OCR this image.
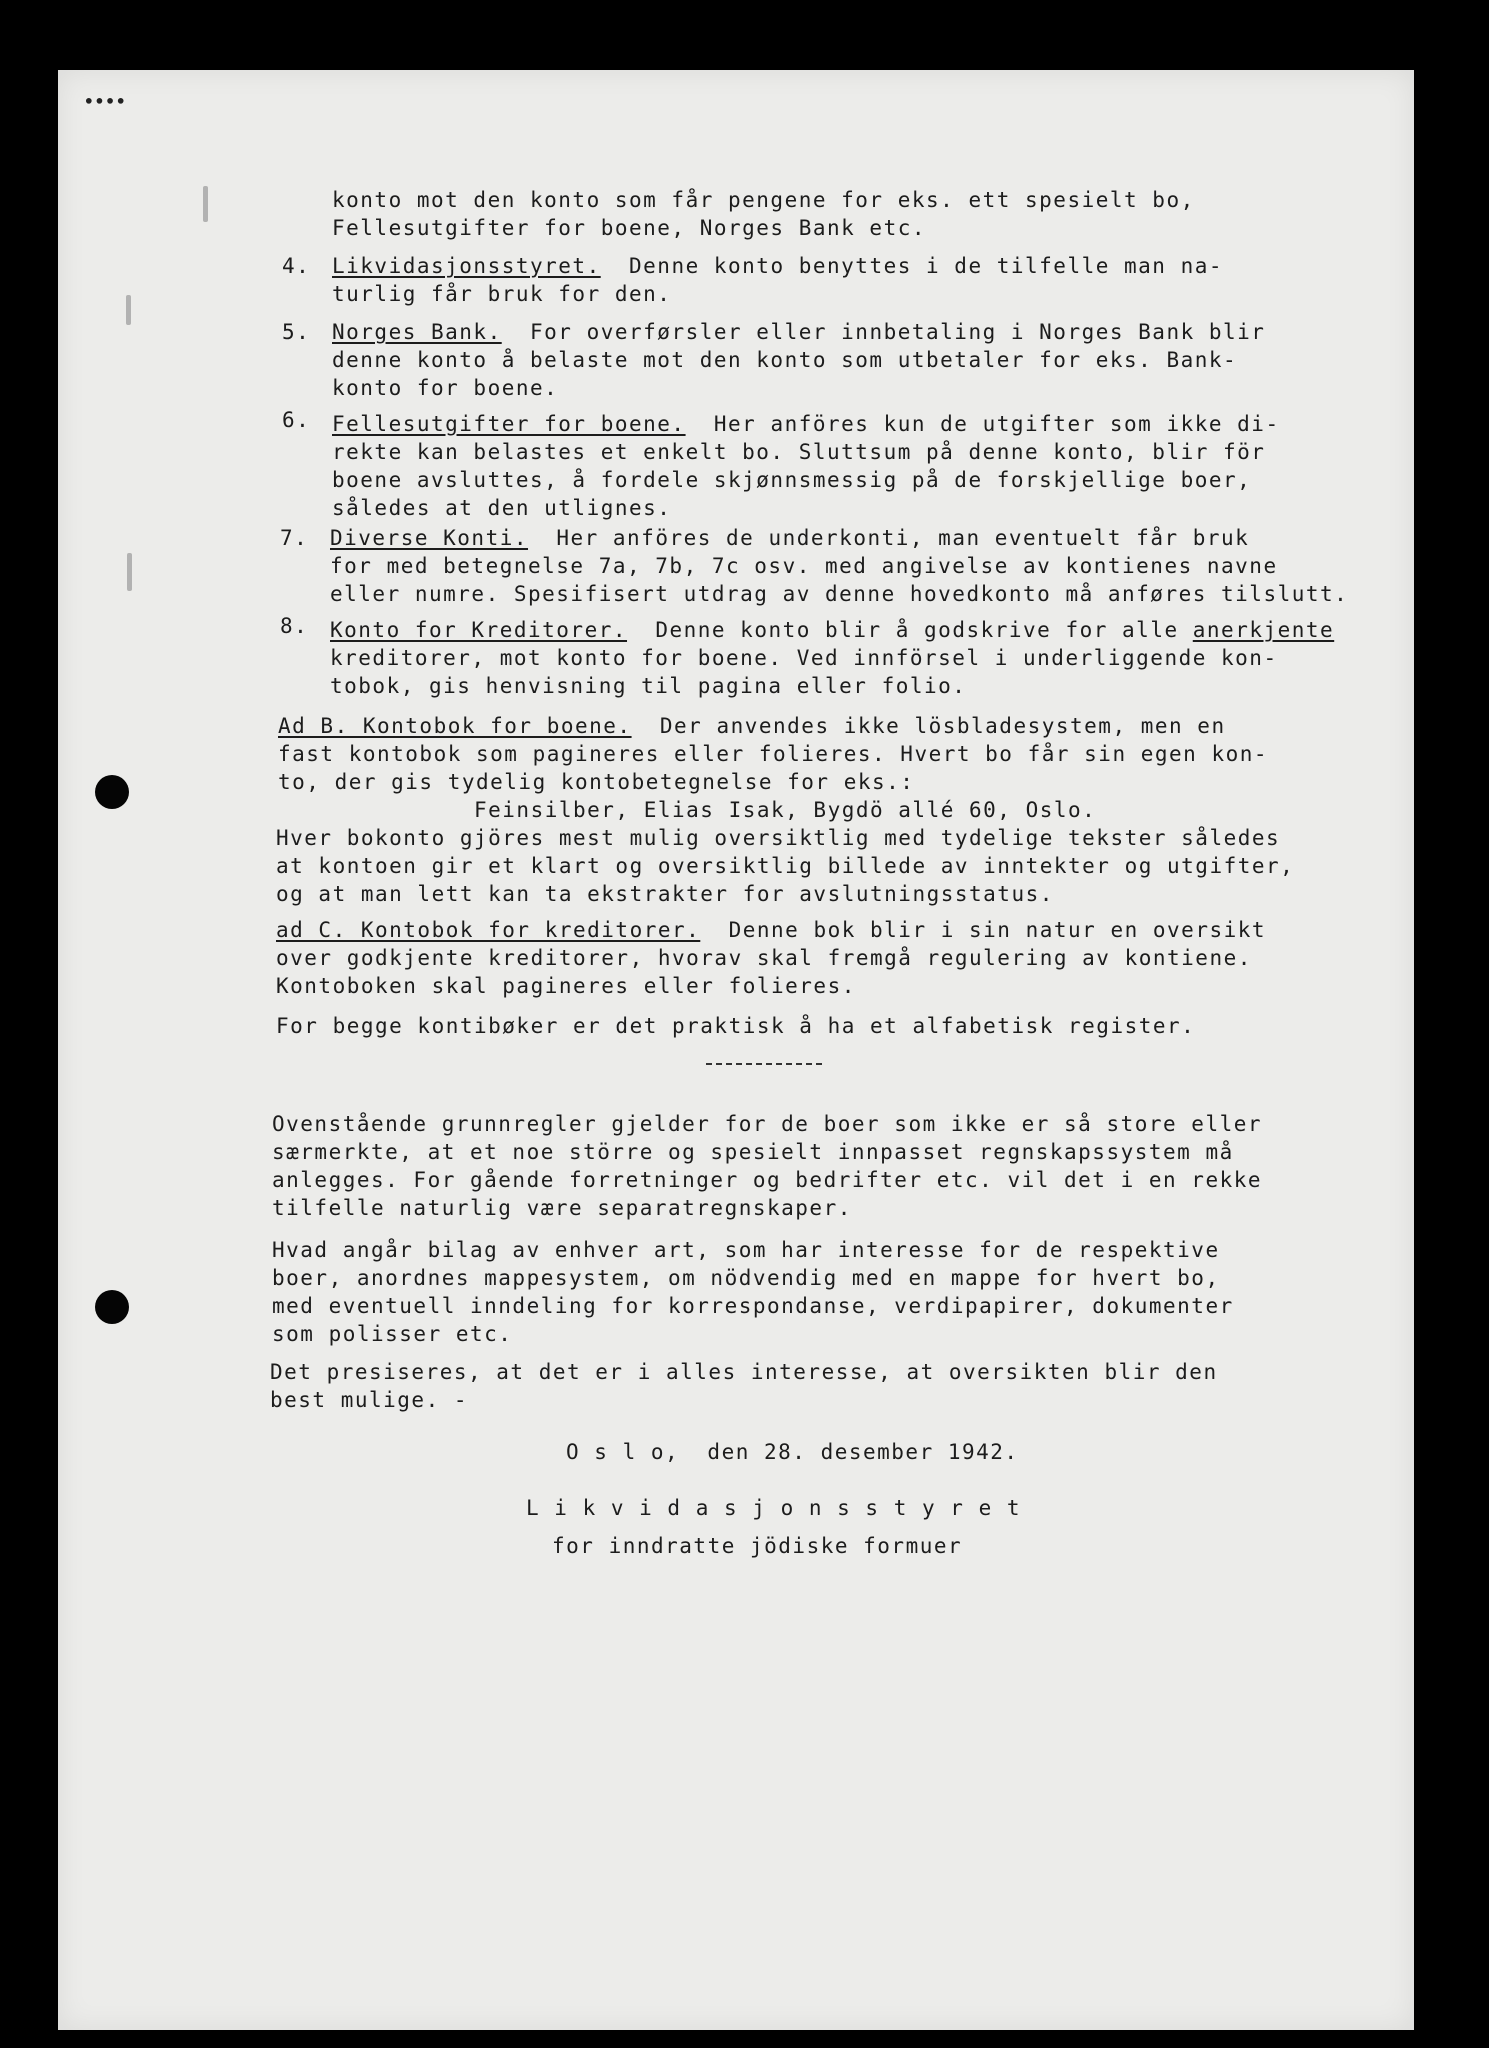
••••
konto mot den konto som får pengene for eks. ett spesielt bo,
Fellesutgifter for boene, Norges Bank etc.
4. Likvidasjonsstyret. Denne konto benyttes i de tilfelle man na-
turlig får bruk for den.
5. Norges Bank. For overførsler eller innbetaling i Norges Bank blir
denne konto å belaste mot den konto som utbetaler for eks. Bank-
konto for boene.
6. Fellesutgifter for boene. Her anföres kun de utgifter som ikke di-
rekte kan belastes et enkelt bo. Sluttsum på denne konto, blir för
boene avsluttes, å fordele skjønnsmessig på de forskjellige boer,
således at den utlignes.
7. Diverse Konti. Her anföres de underkonti, man eventuelt får bruk
for med betegnelse 7a, 7b, 7c osv. med angivelse av kontienes navne
eller numre. Spesifisert utdrag av denne hovedkonto må anføres tilslutt.
8. Konto for Kreditorer. Denne konto blir å godskrive for alle anerkjente
kreditorer, mot konto for boene. Ved innförsel i underliggende kon-
tobok, gis henvisning til pagina eller folio.
Ad B. Kontobok for boene. Der anvendes ikke lösbladesystem, men en
fast kontobok som pagineres eller folieres. Hvert bo får sin egen kon-
to, der gis tydelig kontobetegnelse for eks.:
Feinsilber, Elias Isak, Bygdö allé 60, Oslo.
Hver bokonto gjöres mest mulig oversiktlig med tydelige tekster således
at kontoen gir et klart og oversiktlig billede av inntekter og utgifter,
og at man lett kan ta ekstrakter for avslutningsstatus.
ad C. Kontobok for kreditorer. Denne bok blir i sin natur en oversikt
over godkjente kreditorer, hvorav skal fremgå regulering av kontiene.
Kontoboken skal pagineres eller folieres.
For begge kontibøker er det praktisk å ha et alfabetisk register.
Ovenstående grunnregler gjelder for de boer som ikke er så store eller
særmerkte, at et noe större og spesielt innpasset regnskapssystem må
anlegges. For gående forretninger og bedrifter etc. vil det i en rekke
tilfelle naturlig være separatregnskaper.
Hvad angår bilag av enhver art, som har interesse for de respektive
boer, anordnes mappesystem, om nödvendig med en mappe for hvert bo,
med eventuell inndeling for korrespondanse, verdipapirer, dokumenter
som polisser etc.
Det presiseres, at det er i alles interesse, at oversikten blir den
best mulige. -
O s l o,  den 28. desember 1942.
L i k v i d a s j o n s s t y r e t
for inndratte jödiske formuer
